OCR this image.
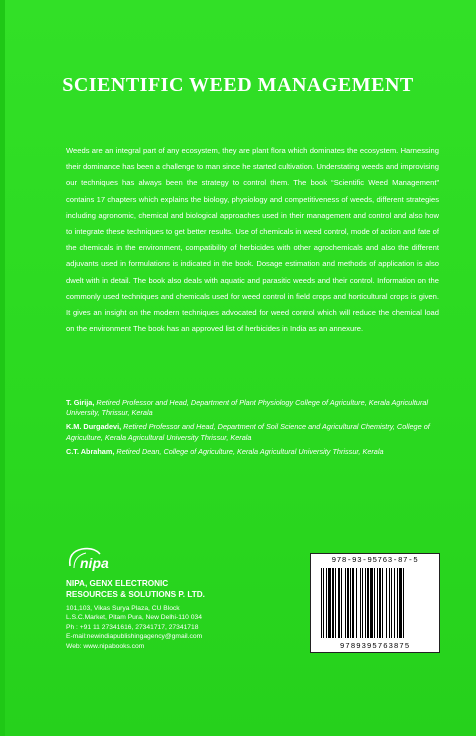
SCIENTIFIC WEED MANAGEMENT
Weeds are an integral part of any ecosystem, they are plant flora which dominates the ecosystem. Harnessing their dominance has been a challenge to man since he started cultivation. Understating weeds and improvising our techniques has always been the strategy to control them. The book “Scientific Weed Management” contains 17 chapters which explains the biology, physiology and competitiveness of weeds, different strategies including agronomic, chemical and biological approaches used in their management and control and also how to integrate these techniques to get better results. Use of chemicals in weed control, mode of action and fate of the chemicals in the environment, compatibility of herbicides with other agrochemicals and also the different adjuvants used in formulations is indicated in the book. Dosage estimation and methods of application is also dwelt with in detail. The book also deals with aquatic and parasitic weeds and their control. Information on the commonly used techniques and chemicals used for weed control in field crops and horticultural crops is given. It gives an insight on the modern techniques advocated for weed control which will reduce the chemical load on the environment The book has an approved list of herbicides in India as an annexure.
T. Girija, Retired Professor and Head, Department of Plant Physiology College of Agriculture, Kerala Agricultural University, Thrissur, Kerala
K.M. Durgadevi, Retired Professor and Head, Department of Soil Science and Agricultural Chemistry, College of Agriculture, Kerala Agricultural University Thrissur, Kerala
C.T. Abraham, Retired Dean, College of Agriculture, Kerala Agricultural University Thrissur, Kerala
nipa
NIPA, GENX ELECTRONIC RESOURCES & SOLUTIONS P. LTD.
101,103, Vikas Surya Plaza, CU Block
L.S.C.Market, Pitam Pura, New Delhi-110 034
Ph : +91 11 27341616, 27341717, 27341718
E-mail:newindiapublishingagency@gmail.com
Web: www.nipabooks.com
978-93-95763-87-5
9789395763875
